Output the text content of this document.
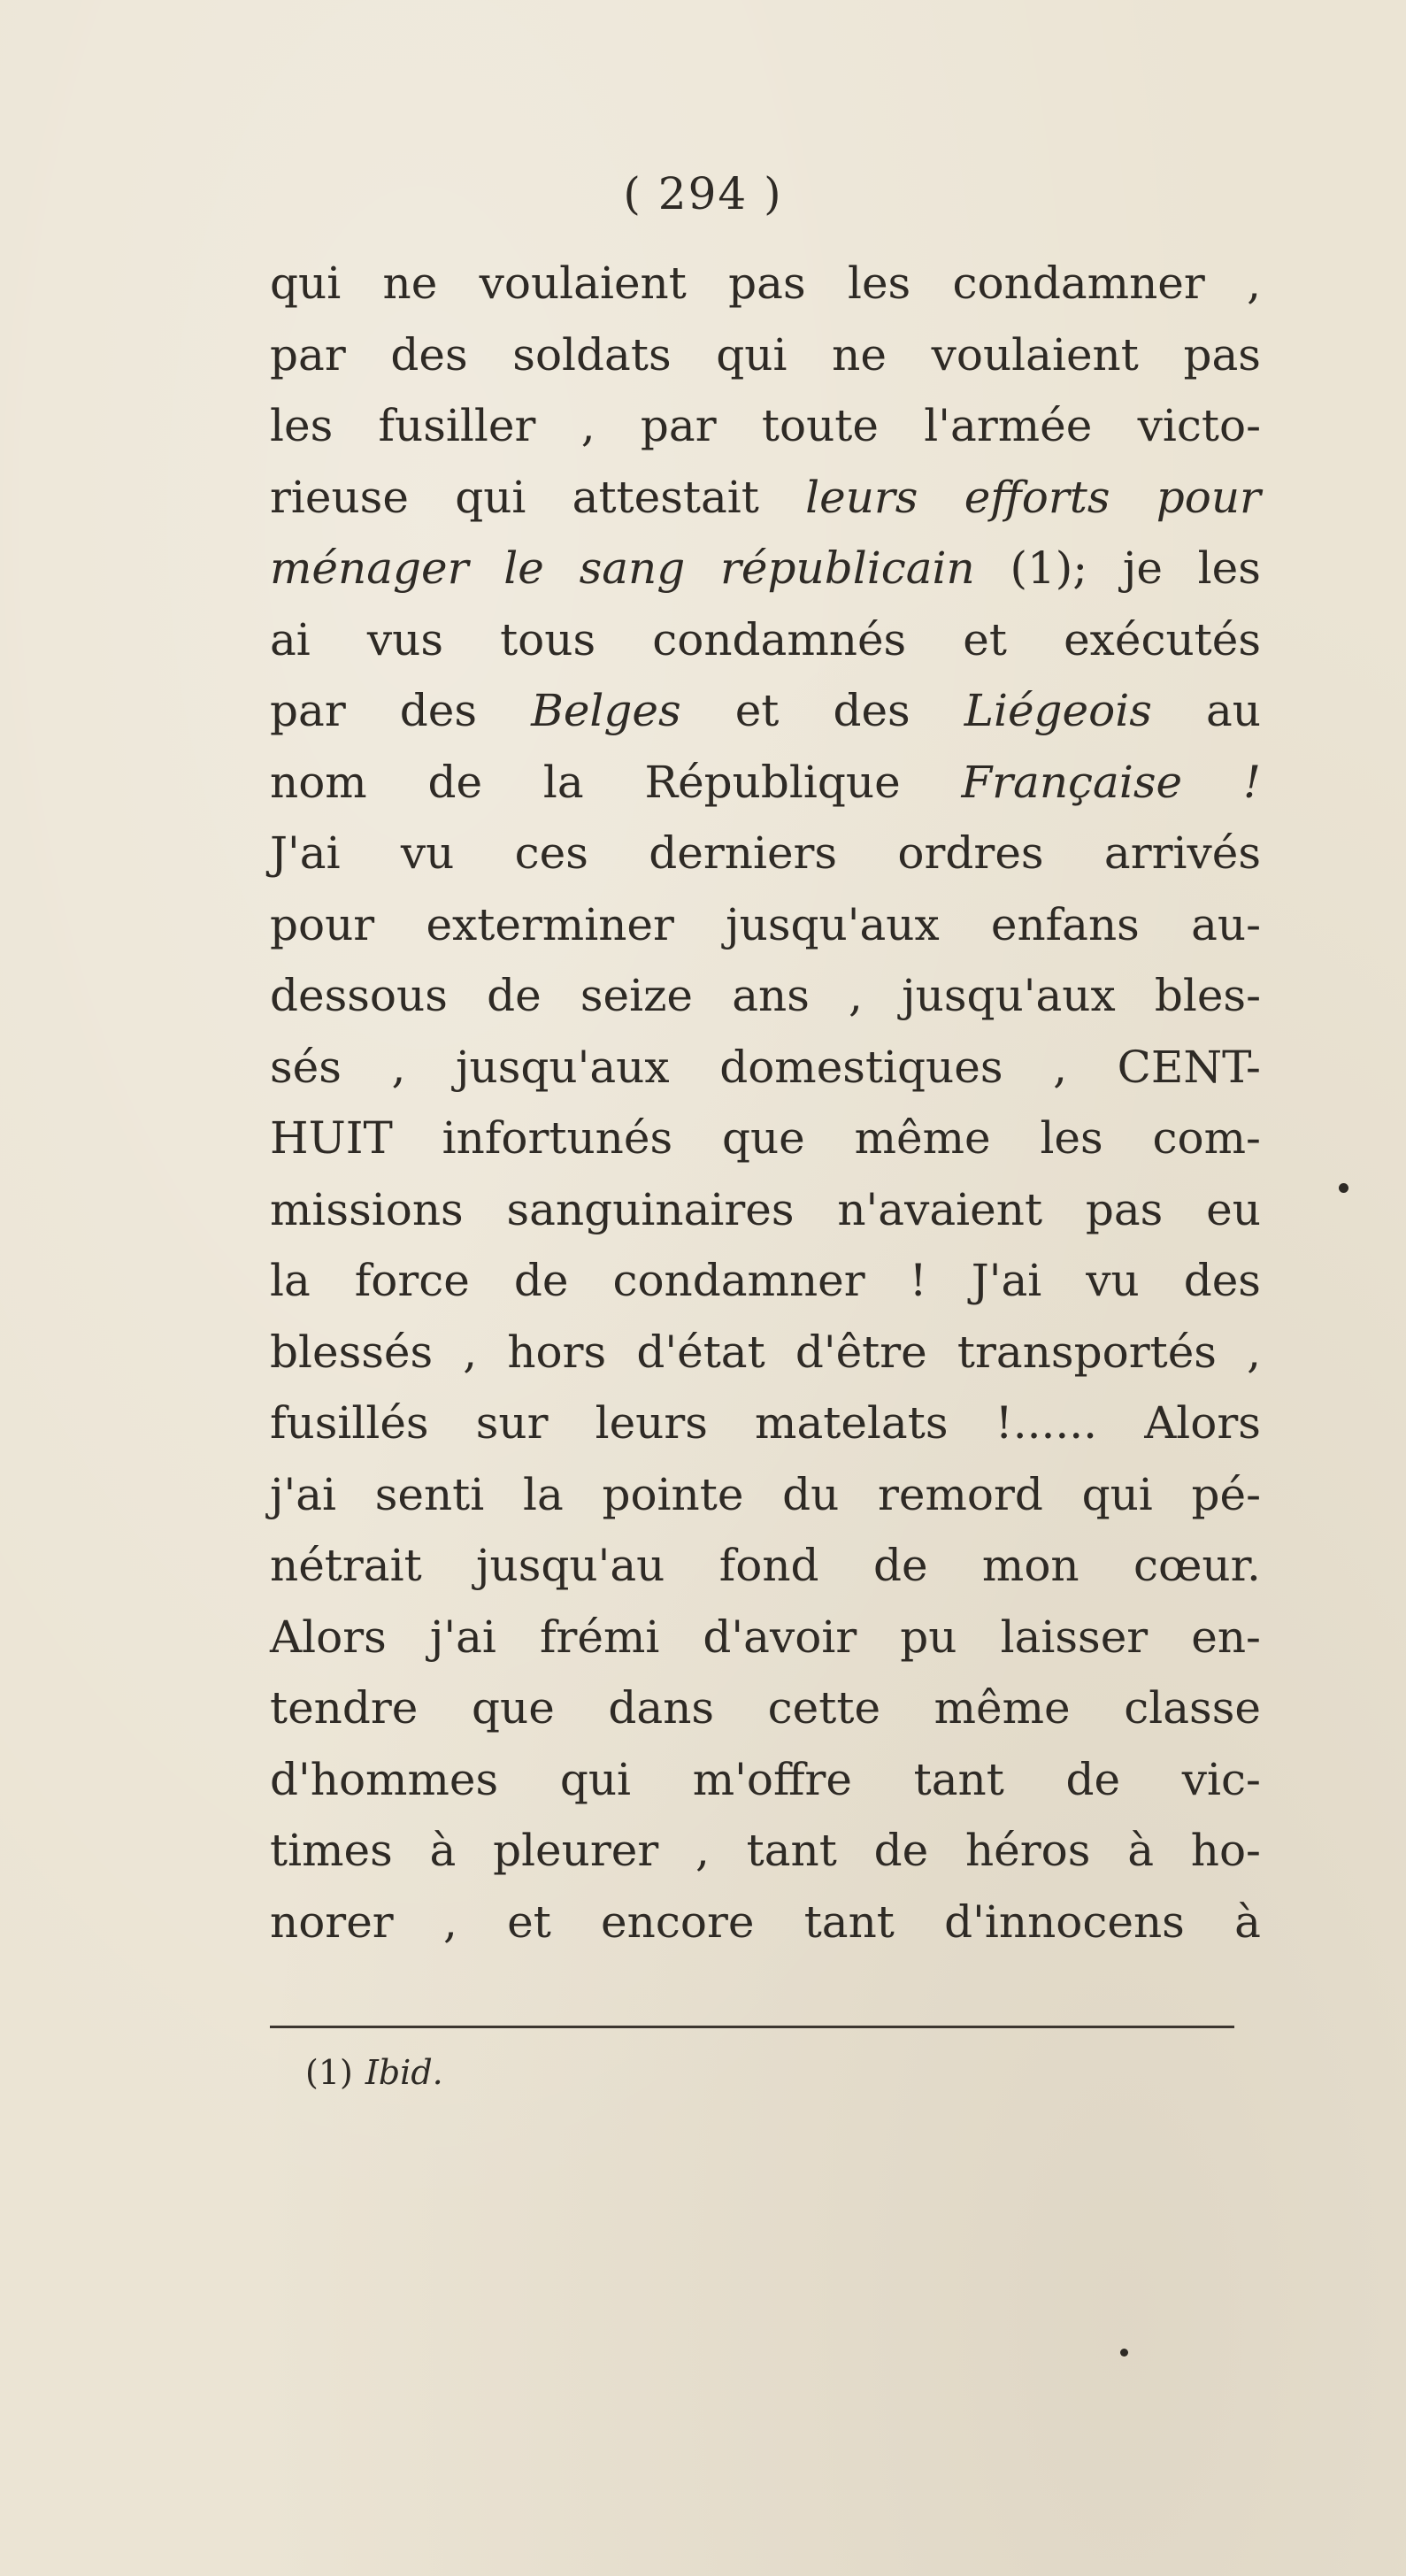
( 294 )
qui ne voulaient pas les condamner ,
par des soldats qui ne voulaient pas
les fusiller , par toute l'armée victo-
rieuse qui attestait leurs efforts pour
ménager le sang républicain (1); je les
ai vus tous condamnés et exécutés
par des Belges et des Liégeois au
nom de la République Française !
J'ai vu ces derniers ordres arrivés
pour exterminer jusqu'aux enfans au-
dessous de seize ans , jusqu'aux bles-
sés , jusqu'aux domestiques , CENT-
HUIT infortunés que même les com-
missions sanguinaires n'avaient pas eu
la force de condamner ! J'ai vu des
blessés , hors d'état d'être transportés ,
fusillés sur leurs matelats !...... Alors
j'ai senti la pointe du remord qui pé-
nétrait jusqu'au fond de mon cœur.
Alors j'ai frémi d'avoir pu laisser en-
tendre que dans cette même classe
d'hommes qui m'offre tant de vic-
times à pleurer , tant de héros à ho-
norer , et encore tant d'innocens à
(1) Ibid.
